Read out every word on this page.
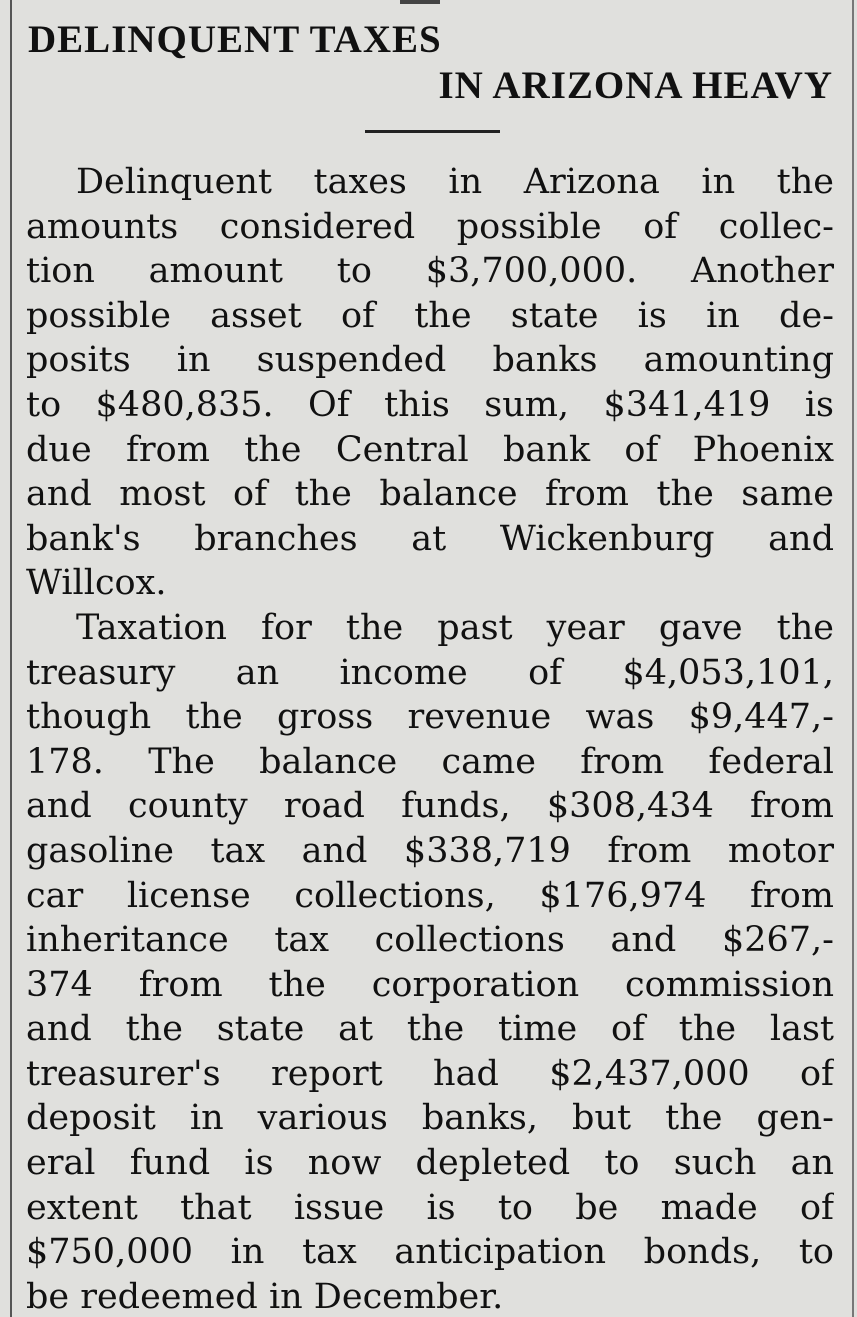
DELINQUENT TAXES
IN ARIZONA HEAVY
Delinquent taxes in Arizona in the
amounts considered possible of collec-
tion amount to $3,700,000. Another
possible asset of the state is in de-
posits in suspended banks amounting
to $480,835. Of this sum, $341,419 is
due from the Central bank of Phoenix
and most of the balance from the same
bank's branches at Wickenburg and
Willcox.
Taxation for the past year gave the
treasury an income of $4,053,101,
though the gross revenue was $9,447,-
178. The balance came from federal
and county road funds, $308,434 from
gasoline tax and $338,719 from motor
car license collections, $176,974 from
inheritance tax collections and $267,-
374 from the corporation commission
and the state at the time of the last
treasurer's report had $2,437,000 of
deposit in various banks, but the gen-
eral fund is now depleted to such an
extent that issue is to be made of
$750,000 in tax anticipation bonds, to
be redeemed in December.
